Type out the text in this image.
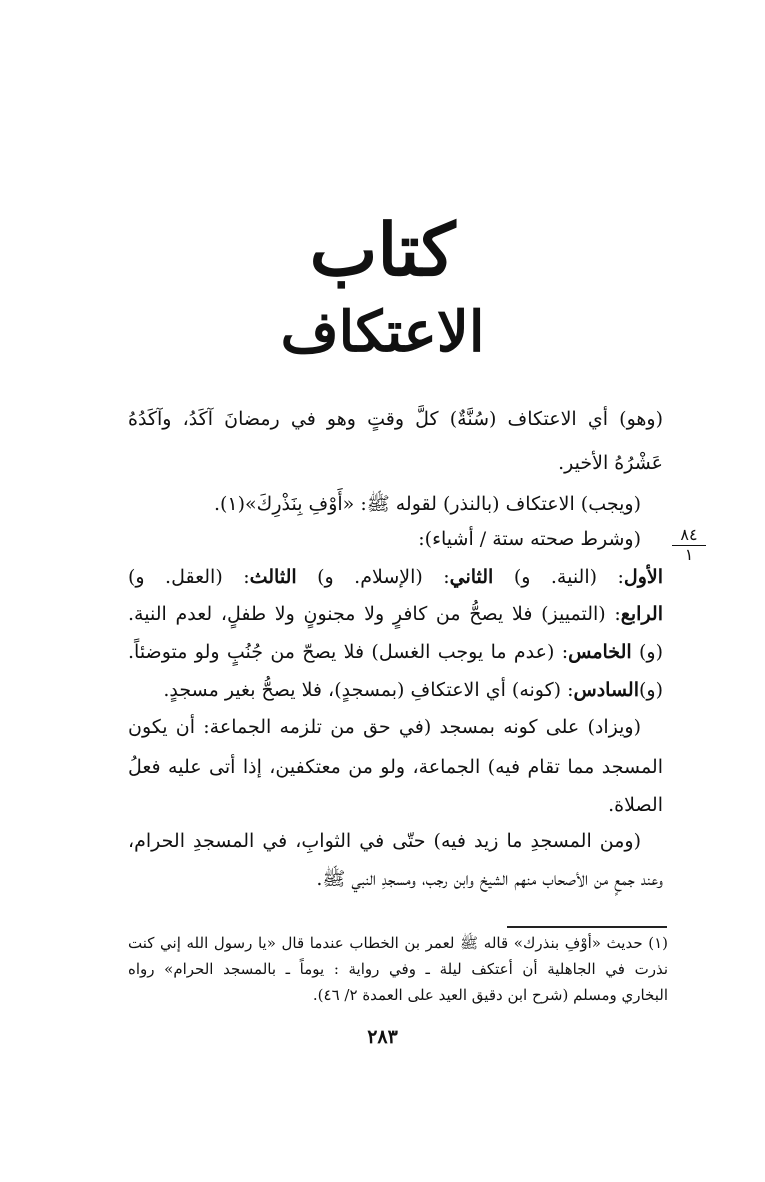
كتاب
الاعتكاف
(وهو) أي الاعتكاف (سُنَّةٌ) كلَّ وقتٍ وهو في رمضانَ آكَدُ، وآكَدُهُ
عَشْرُهُ الأخير.
(ويجب) الاعتكاف (بالنذر) لقوله ﷺ: «أَوْفِ بِنَذْرِكَ»(١).
(وشرط صحته ستة / أشياء):
الأول: (النية. و) الثاني: (الإسلام. و) الثالث: (العقل. و)
الرابع: (التمييز) فلا يصحُّ من كافرٍ ولا مجنونٍ ولا طفلٍ، لعدم النية.
(و) الخامس: (عدم ما يوجب الغسل) فلا يصحّ من جُنُبٍ ولو متوضئاً.
(و)السادس: (كونه) أي الاعتكافِ (بمسجدٍ)، فلا يصحُّ بغير مسجدٍ.
(ويزاد) على كونه بمسجد (في حق من تلزمه الجماعة: أن يكون
المسجد مما تقام فيه) الجماعة، ولو من معتكفين، إذا أتى عليه فعلُ
الصلاة.
(ومن المسجدِ ما زيد فيه) حتّى في الثوابِ، في المسجدِ الحرام،
وعند جمعٍ من الأصحاب منهم الشيخ وابن رجب، ومسجدِ النبي ﷺ.
٨٤
١
(١) حديث «أوْفِ بنذرك» قاله ﷺ لعمر بن الخطاب عندما قال «يا رسول الله إني كنت
نذرت في الجاهلية أن أعتكف ليلة ـ وفي رواية : يوماً ـ بالمسجد الحرام» رواه
البخاري ومسلم (شرح ابن دقيق العيد على العمدة ٢/ ٤٦).
٢٨٣
